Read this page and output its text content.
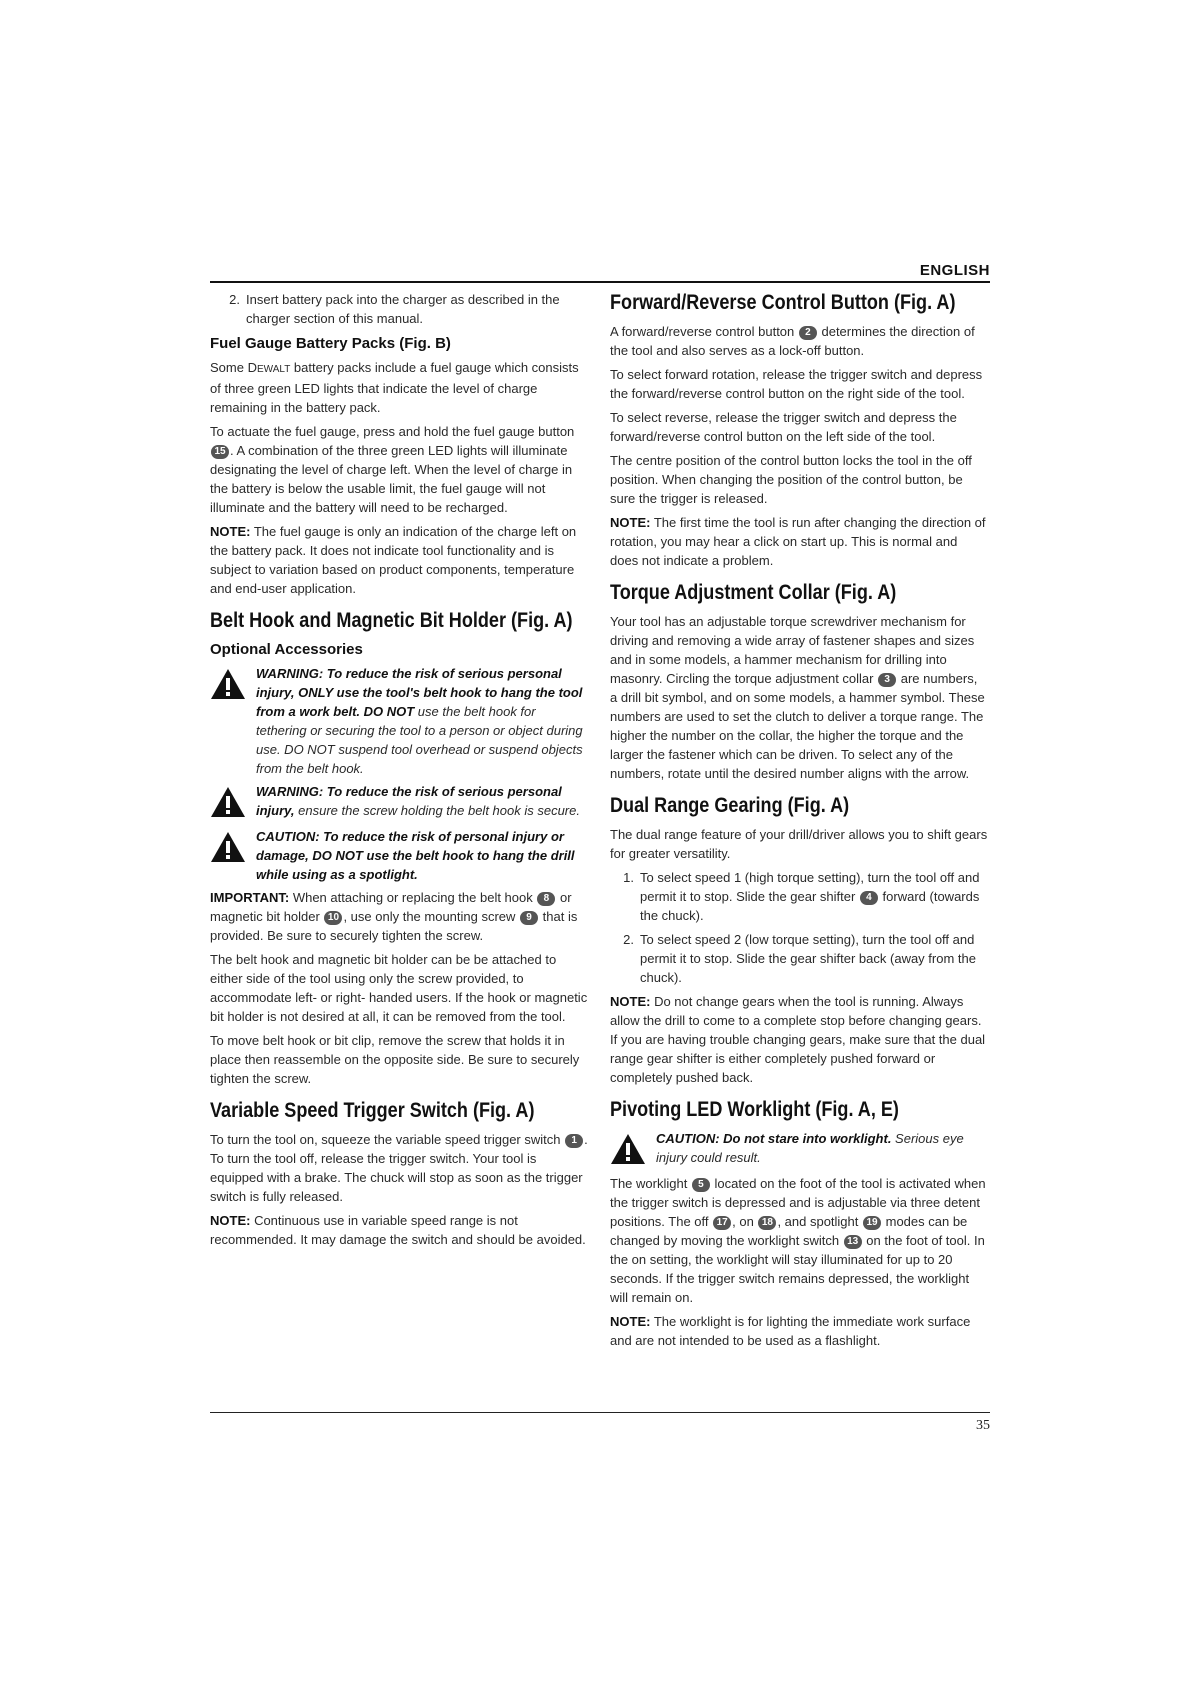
ENGLISH
2. Insert battery pack into the charger as described in the charger section of this manual.
Fuel Gauge Battery Packs (Fig. B)

Some DEWALT battery packs include a fuel gauge which consists of three green LED lights that indicate the level of charge remaining in the battery pack.

To actuate the fuel gauge, press and hold the fuel gauge button 15 . A combination of the three green LED lights will illuminate designating the level of charge left. When the level of charge in the battery is below the usable limit, the fuel gauge will not illuminate and the battery will need to be recharged.

NOTE: The fuel gauge is only an indication of the charge left on the battery pack. It does not indicate tool functionality and is subject to variation based on product components, temperature and end-user application.

Belt Hook and Magnetic Bit Holder (Fig. A)
Optional Accessories
WARNING: To reduce the risk of serious personal injury, ONLY use the tool's belt hook to hang the tool from a work belt. DO NOT use the belt hook for tethering or securing the tool to a person or object during use. DO NOT suspend tool overhead or suspend objects from the belt hook.
WARNING: To reduce the risk of serious personal injury, ensure the screw holding the belt hook is secure.
CAUTION: To reduce the risk of personal injury or damage, DO NOT use the belt hook to hang the drill while using as a spotlight.

IMPORTANT: When attaching or replacing the belt hook 8 or magnetic bit holder 10 , use only the mounting screw 9 that is provided. Be sure to securely tighten the screw.

The belt hook and magnetic bit holder can be be attached to either side of the tool using only the screw provided, to accommodate left- or right- handed users. If the hook or magnetic bit holder is not desired at all, it can be removed from the tool.

To move belt hook or bit clip, remove the screw that holds it in place then reassemble on the opposite side. Be sure to securely tighten the screw.

Variable Speed Trigger Switch (Fig. A)

To turn the tool on, squeeze the variable speed trigger switch 1 . To turn the tool off, release the trigger switch. Your tool is equipped with a brake. The chuck will stop as soon as the trigger switch is fully released.

NOTE: Continuous use in variable speed range is not recommended. It may damage the switch and should be avoided.

Forward/Reverse Control Button (Fig. A)

A forward/reverse control button 2 determines the direction of the tool and also serves as a lock-off button.

To select forward rotation, release the trigger switch and depress the forward/reverse control button on the right side of the tool.

To select reverse, release the trigger switch and depress the forward/reverse control button on the left side of the tool.

The centre position of the control button locks the tool in the off position. When changing the position of the control button, be sure the trigger is released.

NOTE: The first time the tool is run after changing the direction of rotation, you may hear a click on start up. This is normal and does not indicate a problem.

Torque Adjustment Collar (Fig. A)

Your tool has an adjustable torque screwdriver mechanism for driving and removing a wide array of fastener shapes and sizes and in some models, a hammer mechanism for drilling into masonry. Circling the torque adjustment collar 3 are numbers, a drill bit symbol, and on some models, a hammer symbol. These numbers are used to set the clutch to deliver a torque range. The higher the number on the collar, the higher the torque and the larger the fastener which can be driven. To select any of the numbers, rotate until the desired number aligns with the arrow.

Dual Range Gearing (Fig. A)

The dual range feature of your drill/driver allows you to shift gears for greater versatility.

1. To select speed 1 (high torque setting), turn the tool off and permit it to stop. Slide the gear shifter 4 forward (towards the chuck).
2. To select speed 2 (low torque setting), turn the tool off and permit it to stop. Slide the gear shifter back (away from the chuck).

NOTE: Do not change gears when the tool is running. Always allow the drill to come to a complete stop before changing gears. If you are having trouble changing gears, make sure that the dual range gear shifter is either completely pushed forward or completely pushed back.

Pivoting LED Worklight (Fig. A, E)
CAUTION: Do not stare into worklight. Serious eye injury could result.

The worklight 5 located on the foot of the tool is activated when the trigger switch is depressed and is adjustable via three detent positions. The off 17 , on 18 , and spotlight 19 modes can be changed by moving the worklight switch 13 on the foot of tool. In the on setting, the worklight will stay illuminated for up to 20 seconds. If the trigger switch remains depressed, the worklight will remain on.

NOTE: The worklight is for lighting the immediate work surface and are not intended to be used as a flashlight.

35
